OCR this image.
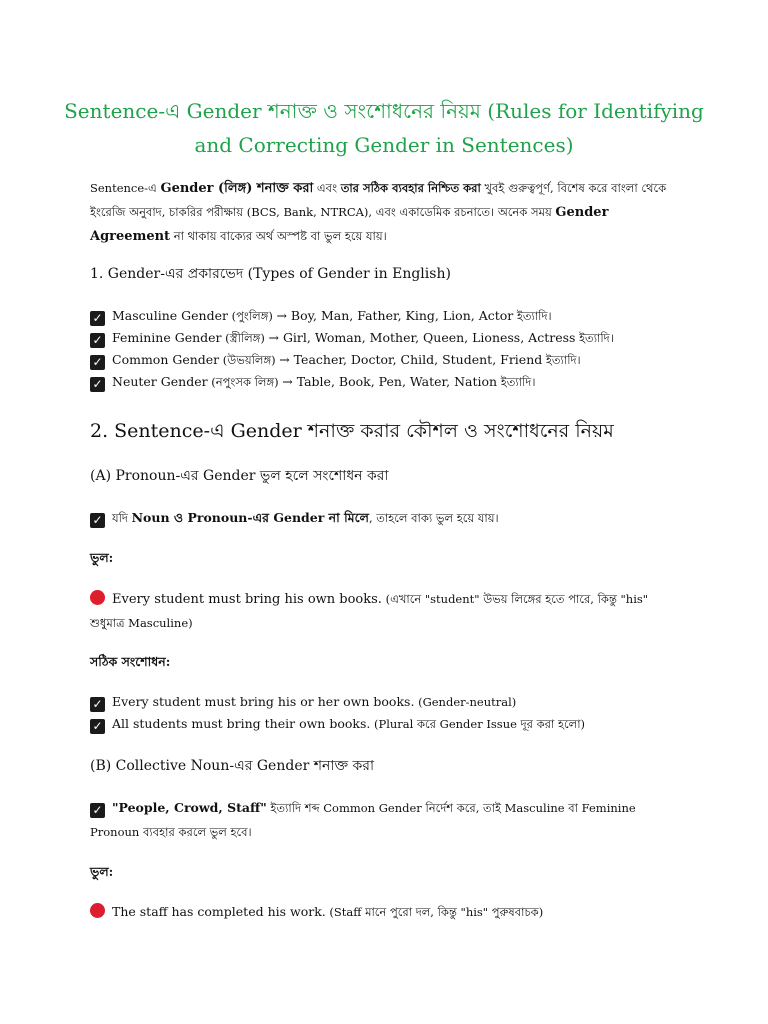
Sentence-এ Gender শনাক্ত ও সংশোধনের নিয়ম (Rules for Identifying
and Correcting Gender in Sentences)
Sentence-এ Gender (লিঙ্গ) শনাক্ত করা এবং তার সঠিক ব্যবহার নিশ্চিত করা খুবই গুরুত্বপূর্ণ, বিশেষ করে বাংলা থেকে ইংরেজি অনুবাদ, চাকরির পরীক্ষায় (BCS, Bank, NTRCA), এবং একাডেমিক রচনাতে। অনেক সময় Gender Agreement না থাকায় বাক্যের অর্থ অস্পষ্ট বা ভুল হয়ে যায়।
1. Gender-এর প্রকারভেদ (Types of Gender in English)
✓ Masculine Gender (পুংলিঙ্গ) → Boy, Man, Father, King, Lion, Actor ইত্যাদি।
✓ Feminine Gender (স্ত্রীলিঙ্গ) → Girl, Woman, Mother, Queen, Lioness, Actress ইত্যাদি।
✓ Common Gender (উভয়লিঙ্গ) → Teacher, Doctor, Child, Student, Friend ইত্যাদি।
✓ Neuter Gender (নপুংসক লিঙ্গ) → Table, Book, Pen, Water, Nation ইত্যাদি।
2. Sentence-এ Gender শনাক্ত করার কৌশল ও সংশোধনের নিয়ম
(A) Pronoun-এর Gender ভুল হলে সংশোধন করা
✓ যদি Noun ও Pronoun-এর Gender না মিলে, তাহলে বাক্য ভুল হয়ে যায়।
ভুল:
Every student must bring his own books. (এখানে "student" উভয় লিঙ্গের হতে পারে, কিন্তু "his" শুধুমাত্র Masculine)
সঠিক সংশোধন:
✓ Every student must bring his or her own books. (Gender-neutral)
✓ All students must bring their own books. (Plural করে Gender Issue দূর করা হলো)
(B) Collective Noun-এর Gender শনাক্ত করা
✓ "People, Crowd, Staff" ইত্যাদি শব্দ Common Gender নির্দেশ করে, তাই Masculine বা Feminine Pronoun ব্যবহার করলে ভুল হবে।
ভুল:
The staff has completed his work. (Staff মানে পুরো দল, কিন্তু "his" পুরুষবাচক)
